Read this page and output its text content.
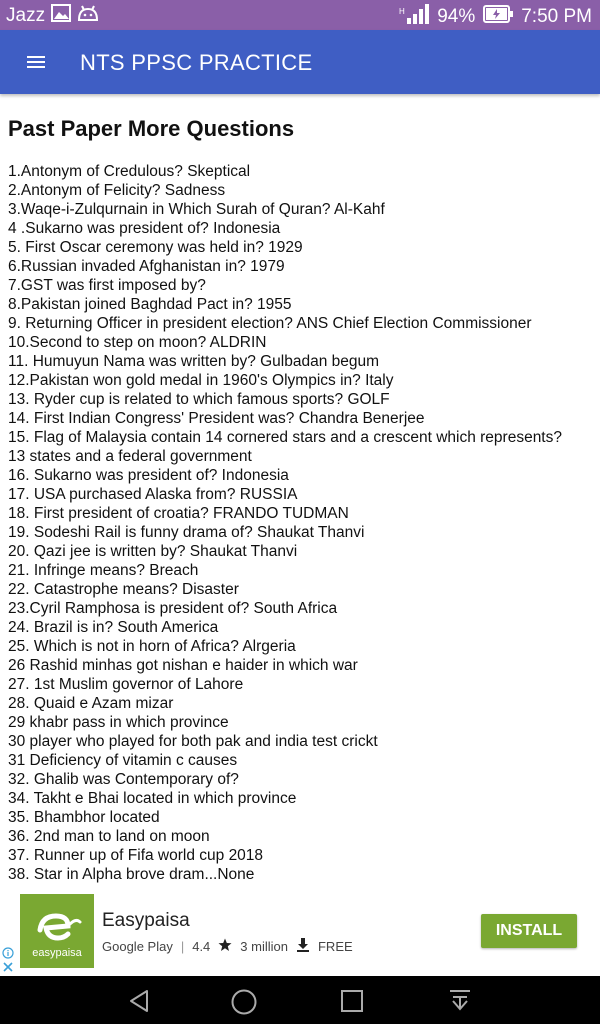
Jazz	H 94% 7:50 PM
NTS PPSC PRACTICE
Past Paper More Questions
1.Antonym of Credulous? Skeptical
2.Antonym of Felicity? Sadness
3.Waqe-i-Zulqurnain in Which Surah of Quran? Al-Kahf
4 .Sukarno was president of? Indonesia
5. First Oscar ceremony was held in? 1929
6.Russian invaded Afghanistan in? 1979
7.GST was first imposed by?
8.Pakistan joined Baghdad Pact in? 1955
9. Returning Officer in president election? ANS Chief Election Commissioner
10.Second to step on moon? ALDRIN
11. Humuyun Nama was written by? Gulbadan begum
12.Pakistan won gold medal in 1960's Olympics in? Italy
13. Ryder cup is related to which famous sports? GOLF
14. First Indian Congress' President was? Chandra Benerjee
15. Flag of Malaysia contain 14 cornered stars and a crescent which represents?
13 states and a federal government
16. Sukarno was president of? Indonesia
17. USA purchased Alaska from? RUSSIA
18. First president of croatia? FRANDO TUDMAN
19. Sodeshi Rail is funny drama of? Shaukat Thanvi
20. Qazi jee is written by? Shaukat Thanvi
21. Infringe means? Breach
22. Catastrophe means? Disaster
23.Cyril Ramphosa is president of? South Africa
24. Brazil is in? South America
25. Which is not in horn of Africa? Alrgeria
26 Rashid minhas got nishan e haider in which war
27. 1st Muslim governor of Lahore
28. Quaid e Azam mizar
29 khabr pass in which province
30 player who played for both pak and india test crickt
31 Deficiency of vitamin c causes
32. Ghalib was Contemporary of?
34. Takht e Bhai located in which province
35. Bhambhor located
36. 2nd man to land on moon
37. Runner up of Fifa world cup 2018
38. Star in Alpha brove dram...None
easypaisa
Easypaisa
Google Play | 4.4 3 million FREE
INSTALL
